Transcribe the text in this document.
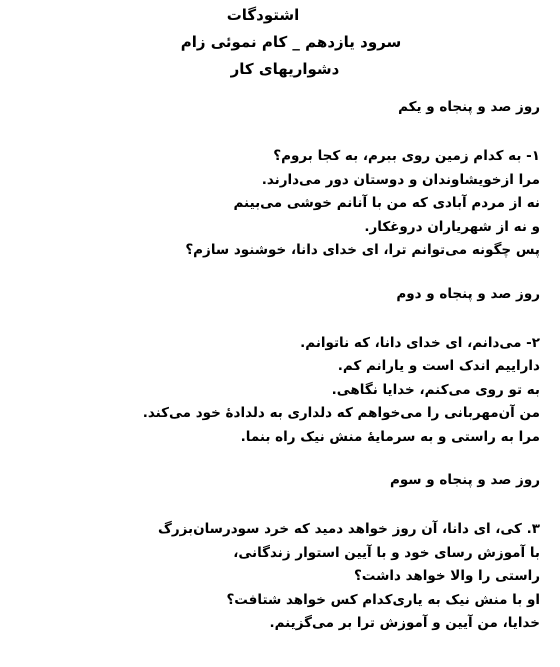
اشتودگات
سرود یازدهم _ کام نموئی زام
دشواریهای کار

روز صد و پنجاه و یکم

۱- به کدام زمین روی ببرم، به کجا بروم؟
مرا ازخویشاوندان و دوستان دور می‌دارند.
نه از مردم آبادی که من با آنانم خوشی می‌بینم
و نه از شهریاران دروغکار.
پس چگونه می‌توانم ترا، ای خدای دانا، خوشنود سازم؟

روز صد و پنجاه و دوم

۲- می‌دانم، ای خدای دانا، که ناتوانم.
داراییم اندک است و یارانم کم.
به تو روی می‌کنم، خدایا نگاهی.
من آن‌مهربانی را می‌خواهم که دلداری به دلدادهٔ خود می‌کند.
مرا به راستی و به سرمایهٔ منش نیک راه بنما.

روز صد و پنجاه و سوم

۳. کی، ای دانا، آن روز خواهد دمید که خرد سودرسان‌بزرگ
با آموزش رسای خود و با آیین استوار زندگانی،
راستی را والا خواهد داشت؟
او با منش نیک به یاری‌کدام کس خواهد شتافت؟
خدایا، من آیین و آموزش ترا بر می‌گزینم.
